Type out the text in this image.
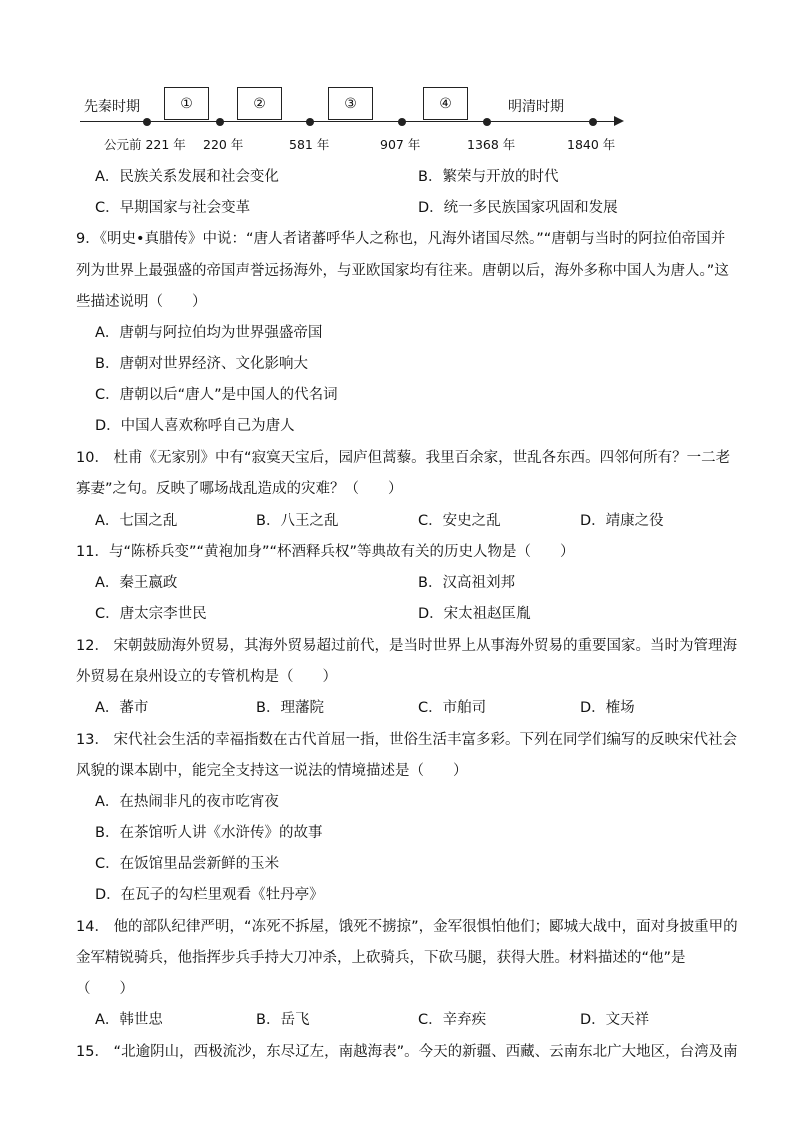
先秦时期	明清时期
①	②	③	④
公元前 221 年 220 年	581 年	907 年	1368 年	1840 年
A．民族关系发展和社会变化	B．繁荣与开放的时代
C．早期国家与社会变革	D．统一多民族国家巩固和发展
9．《明史•真腊传》中说：“唐人者诸蕃呼华人之称也，凡海外诸国尽然。”“唐朝与当时的阿拉伯帝国并
列为世界上最强盛的帝国声誉远扬海外，与亚欧国家均有往来。唐朝以后，海外多称中国人为唐人。”这
些描述说明（　　）
A．唐朝与阿拉伯均为世界强盛帝国
B．唐朝对世界经济、文化影响大
C．唐朝以后“唐人”是中国人的代名词
D．中国人喜欢称呼自己为唐人
10． 杜甫《无家别》中有“寂寞天宝后，园庐但蒿藜。我里百余家，世乱各东西。四邻何所有？一二老
寡妻”之句。反映了哪场战乱造成的灾难？（　　）
A．七国之乱	B．八王之乱	C．安史之乱	D．靖康之役
11．与“陈桥兵变”“黄袍加身”“杯酒释兵权”等典故有关的历史人物是（　　）
A．秦王嬴政	B．汉高祖刘邦
C．唐太宗李世民	D．宋太祖赵匡胤
12． 宋朝鼓励海外贸易，其海外贸易超过前代，是当时世界上从事海外贸易的重要国家。当时为管理海
外贸易在泉州设立的专管机构是（　　）
A．蕃市	B．理藩院	C．市舶司	D．榷场
13． 宋代社会生活的幸福指数在古代首屈一指，世俗生活丰富多彩。下列在同学们编写的反映宋代社会
风貌的课本剧中，能完全支持这一说法的情境描述是（　　）
A．在热闹非凡的夜市吃宵夜
B．在茶馆听人讲《水浒传》的故事
C．在饭馆里品尝新鲜的玉米
D．在瓦子的勾栏里观看《牡丹亭》
14． 他的部队纪律严明，“冻死不拆屋，饿死不掳掠”，金军很惧怕他们；郾城大战中，面对身披重甲的
金军精锐骑兵，他指挥步兵手持大刀冲杀，上砍骑兵，下砍马腿，获得大胜。材料描述的“他”是
（　　）
A．韩世忠	B．岳飞	C．辛弃疾	D．文天祥
15． “北逾阴山，西极流沙，东尽辽左，南越海表”。今天的新疆、西藏、云南东北广大地区，台湾及南
